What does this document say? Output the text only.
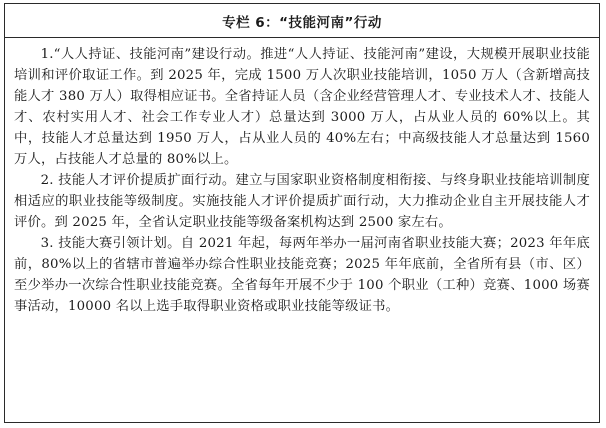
专栏 6：“技能河南”行动

1.“人人持证、技能河南”建设行动。推进“人人持证、技能河南”建设，大规模开展职业技能培训和评价取证工作。到 2025 年，完成 1500 万人次职业技能培训，1050 万人（含新增高技能人才 380 万人）取得相应证书。全省持证人员（含企业经营管理人才、专业技术人才、技能人才、农村实用人才、社会工作专业人才）总量达到 3000 万人，占从业人员的 60%以上。其中，技能人才总量达到 1950 万人，占从业人员的 40%左右；中高级技能人才总量达到 1560 万人，占技能人才总量的 80%以上。

2. 技能人才评价提质扩面行动。建立与国家职业资格制度相衔接、与终身职业技能培训制度相适应的职业技能等级制度。实施技能人才评价提质扩面行动，大力推动企业自主开展技能人才评价。到 2025 年，全省认定职业技能等级备案机构达到 2500 家左右。

3. 技能大赛引领计划。自 2021 年起，每两年举办一届河南省职业技能大赛；2023 年年底前，80%以上的省辖市普遍举办综合性职业技能竞赛；2025 年年底前，全省所有县（市、区）至少举办一次综合性职业技能竞赛。全省每年开展不少于 100 个职业（工种）竞赛、1000 场赛事活动，10000 名以上选手取得职业资格或职业技能等级证书。
